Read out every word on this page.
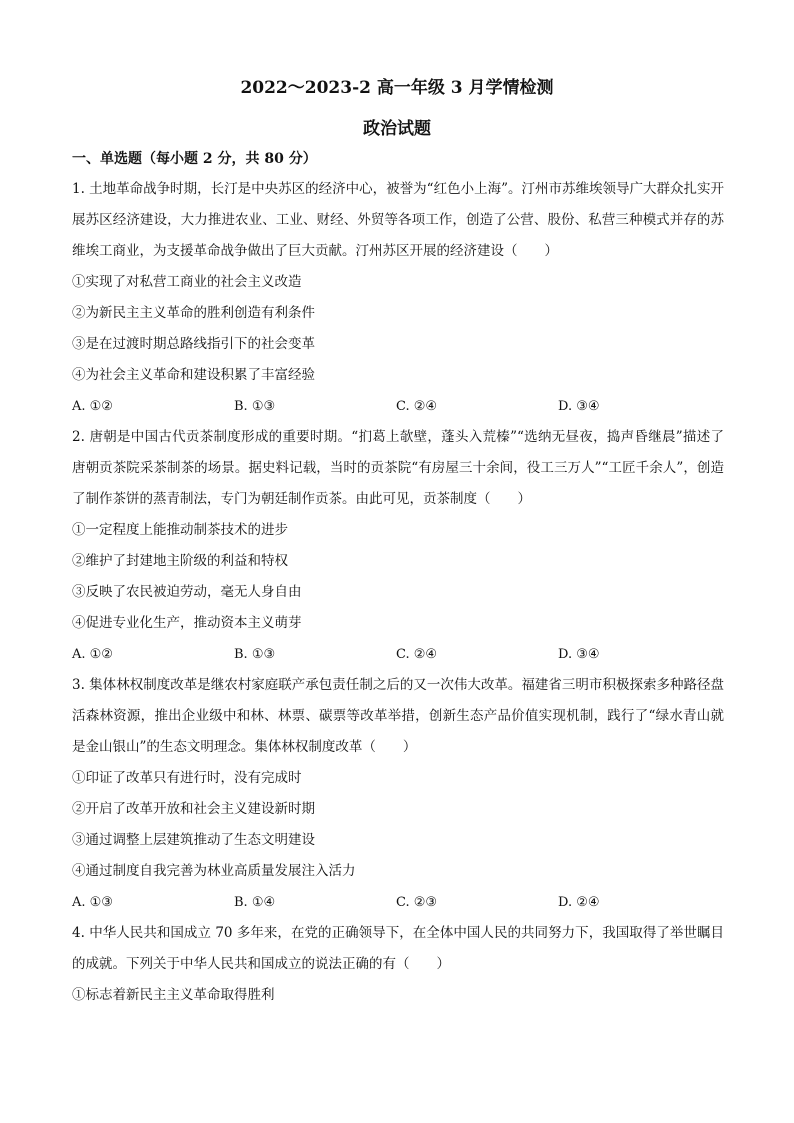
2022～2023-2 高一年级 3 月学情检测
政治试题
一、单选题（每小题 2 分，共 80 分）

1. 土地革命战争时期，长汀是中央苏区的经济中心，被誉为“红色小上海”。汀州市苏维埃领导广大群众扎实开展苏区经济建设，大力推进农业、工业、财经、外贸等各项工作，创造了公营、股份、私营三种模式并存的苏维埃工商业，为支援革命战争做出了巨大贡献。汀州苏区开展的经济建设（　　）

①实现了对私营工商业的社会主义改造

②为新民主主义革命的胜利创造有利条件

③是在过渡时期总路线指引下的社会变革

④为社会主义革命和建设积累了丰富经验

A. ①②	B. ①③	C. ②④	D. ③④

2. 唐朝是中国古代贡茶制度形成的重要时期。“扪葛上欹壁，蓬头入荒榛”“选纳无昼夜，捣声昏继晨”描述了唐朝贡茶院采茶制茶的场景。据史料记载，当时的贡茶院“有房屋三十余间，役工三万人”“工匠千余人”，创造了制作茶饼的蒸青制法，专门为朝廷制作贡茶。由此可见，贡茶制度（　　）

①一定程度上能推动制茶技术的进步

②维护了封建地主阶级的利益和特权

③反映了农民被迫劳动，毫无人身自由

④促进专业化生产，推动资本主义萌芽

A. ①②	B. ①③	C. ②④	D. ③④

3. 集体林权制度改革是继农村家庭联产承包责任制之后的又一次伟大改革。福建省三明市积极探索多种路径盘活森林资源，推出企业级中和林、林票、碳票等改革举措，创新生态产品价值实现机制，践行了“绿水青山就是金山银山”的生态文明理念。集体林权制度改革（　　）

①印证了改革只有进行时，没有完成时

②开启了改革开放和社会主义建设新时期

③通过调整上层建筑推动了生态文明建设

④通过制度自我完善为林业高质量发展注入活力

A. ①③	B. ①④	C. ②③	D. ②④

4. 中华人民共和国成立 70 多年来，在党的正确领导下，在全体中国人民的共同努力下，我国取得了举世瞩目的成就。下列关于中华人民共和国成立的说法正确的有（　　）

①标志着新民主主义革命取得胜利
